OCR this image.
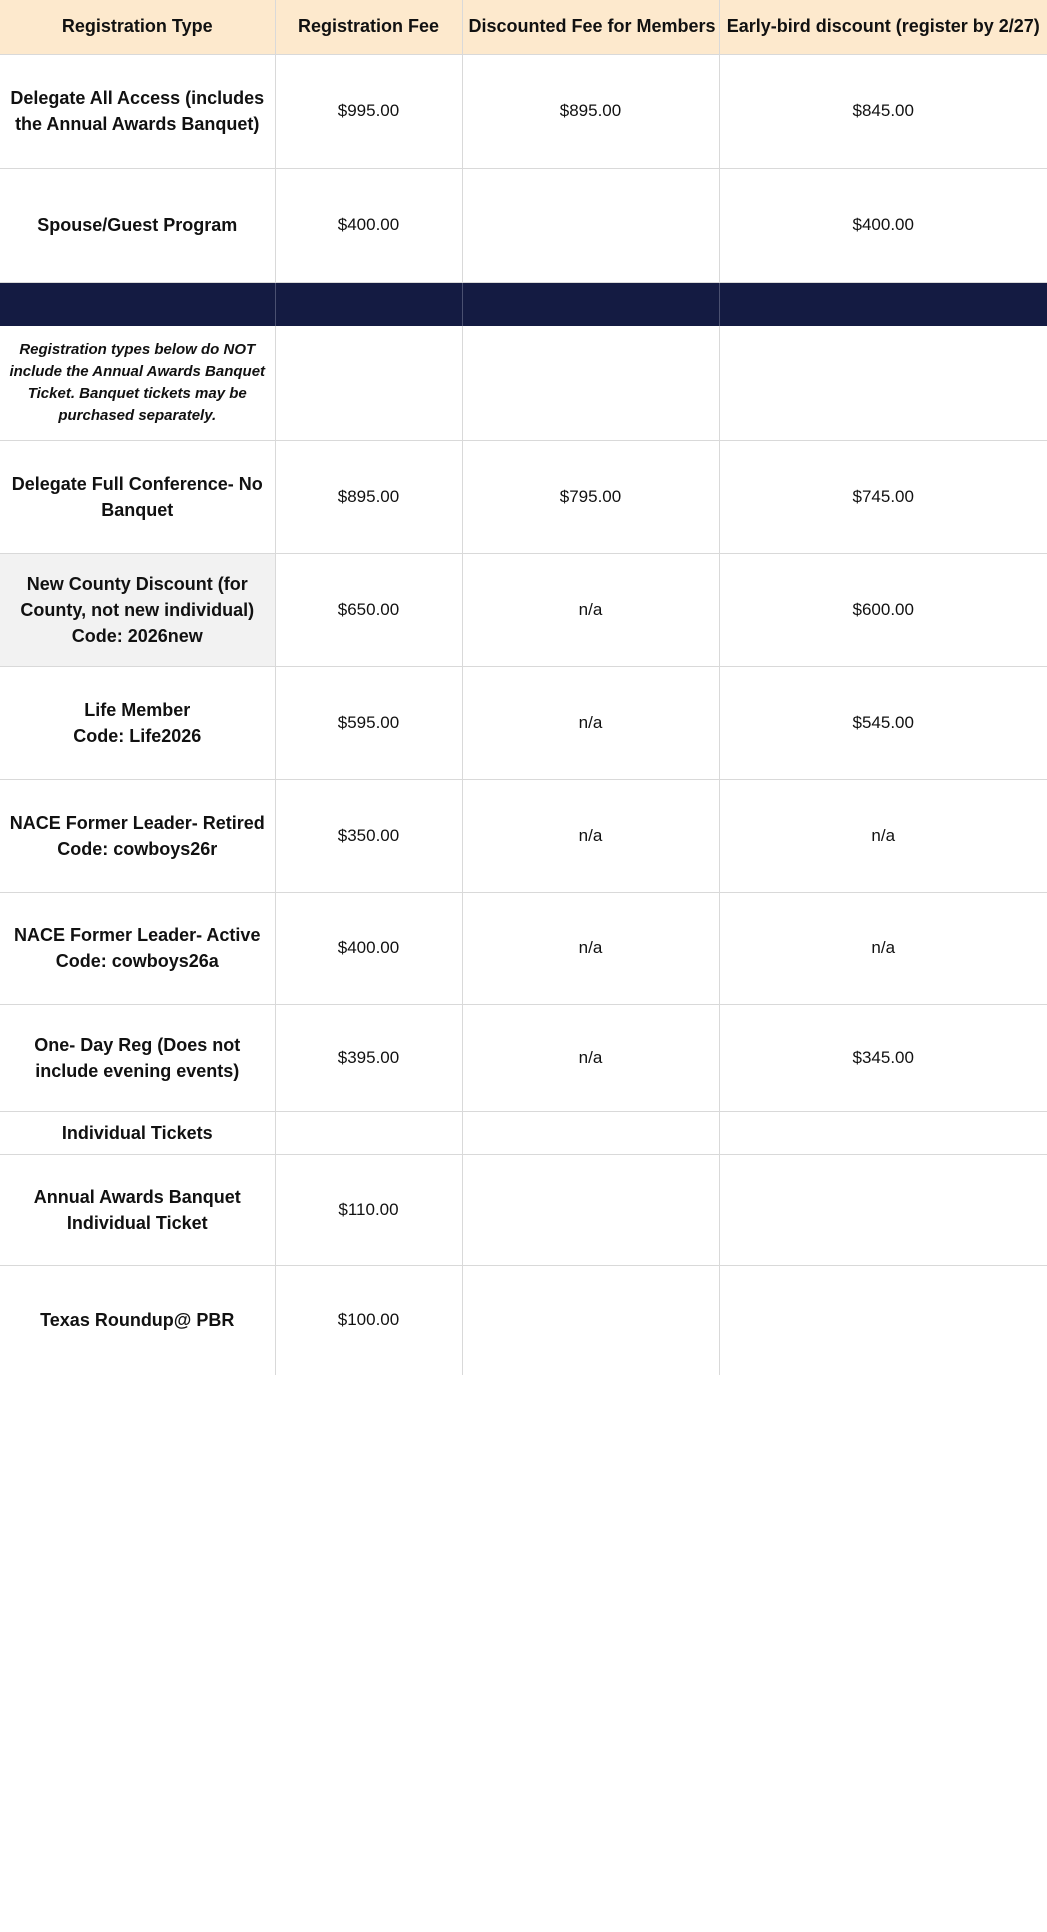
Registration Type	Registration Fee	Discounted Fee for Members	Early-bird discount (register by 2/27)
Delegate All Access (includes the Annual Awards Banquet)	$995.00	$895.00	$845.00
Spouse/Guest Program	$400.00		$400.00

Registration types below do NOT include the Annual Awards Banquet Ticket. Banquet tickets may be purchased separately.			
Delegate Full Conference- No Banquet	$895.00	$795.00	$745.00

New County Discount (for County, not new individual)
Code: 2026new	$650.00	n/a	$600.00

Life Member
Code: Life2026	$595.00	n/a	$545.00

NACE Former Leader- Retired
Code: cowboys26r	$350.00	n/a	n/a

NACE Former Leader- Active
Code: cowboys26a	$400.00	n/a	n/a
One- Day Reg (Does not include evening events)	$395.00	n/a	$345.00
Individual Tickets			
Annual Awards Banquet Individual Ticket	$110.00		
Texas Roundup@ PBR	$100.00		
